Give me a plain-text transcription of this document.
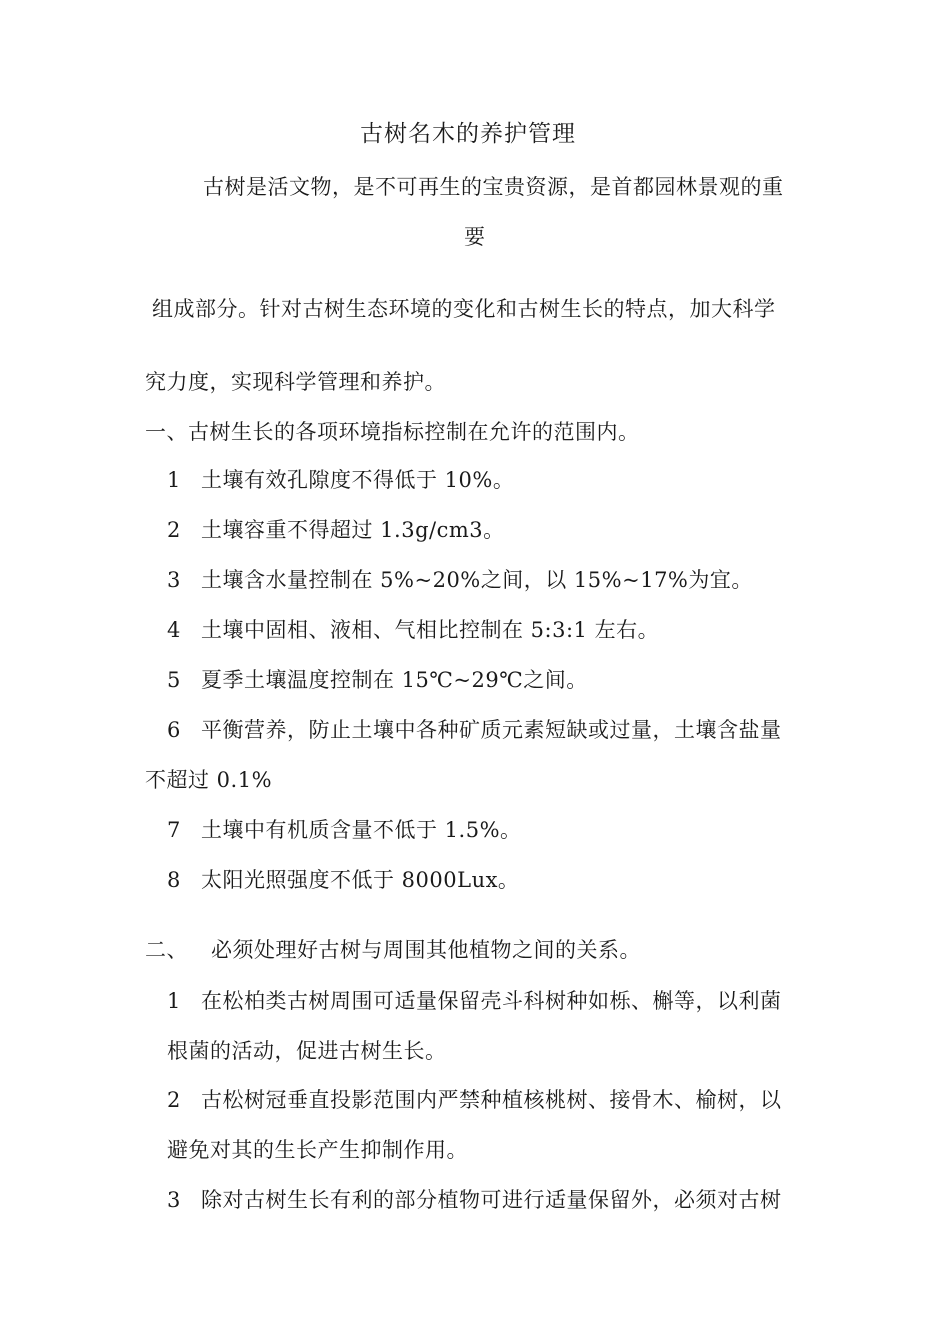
古树名木的养护管理
古树是活文物，是不可再生的宝贵资源，是首都园林景观的重
要
组成部分。针对古树生态环境的变化和古树生长的特点，加大科学
究力度，实现科学管理和养护。
一、古树生长的各项环境指标控制在允许的范围内。
1 土壤有效孔隙度不得低于 10%。
2 土壤容重不得超过 1.3g/cm3。
3 土壤含水量控制在 5%~20%之间，以 15%~17%为宜。
4 土壤中固相、液相、气相比控制在 5:3:1 左右。
5 夏季土壤温度控制在 15℃~29℃之间。
6 平衡营养，防止土壤中各种矿质元素短缺或过量，土壤含盐量
不超过 0.1%
7 土壤中有机质含量不低于 1.5%。
8 太阳光照强度不低于 8000Lux。
二、 必须处理好古树与周围其他植物之间的关系。
1 在松柏类古树周围可适量保留壳斗科树种如栎、槲等，以利菌
根菌的活动，促进古树生长。
2 古松树冠垂直投影范围内严禁种植核桃树、接骨木、榆树，以
避免对其的生长产生抑制作用。
3 除对古树生长有利的部分植物可进行适量保留外，必须对古树
